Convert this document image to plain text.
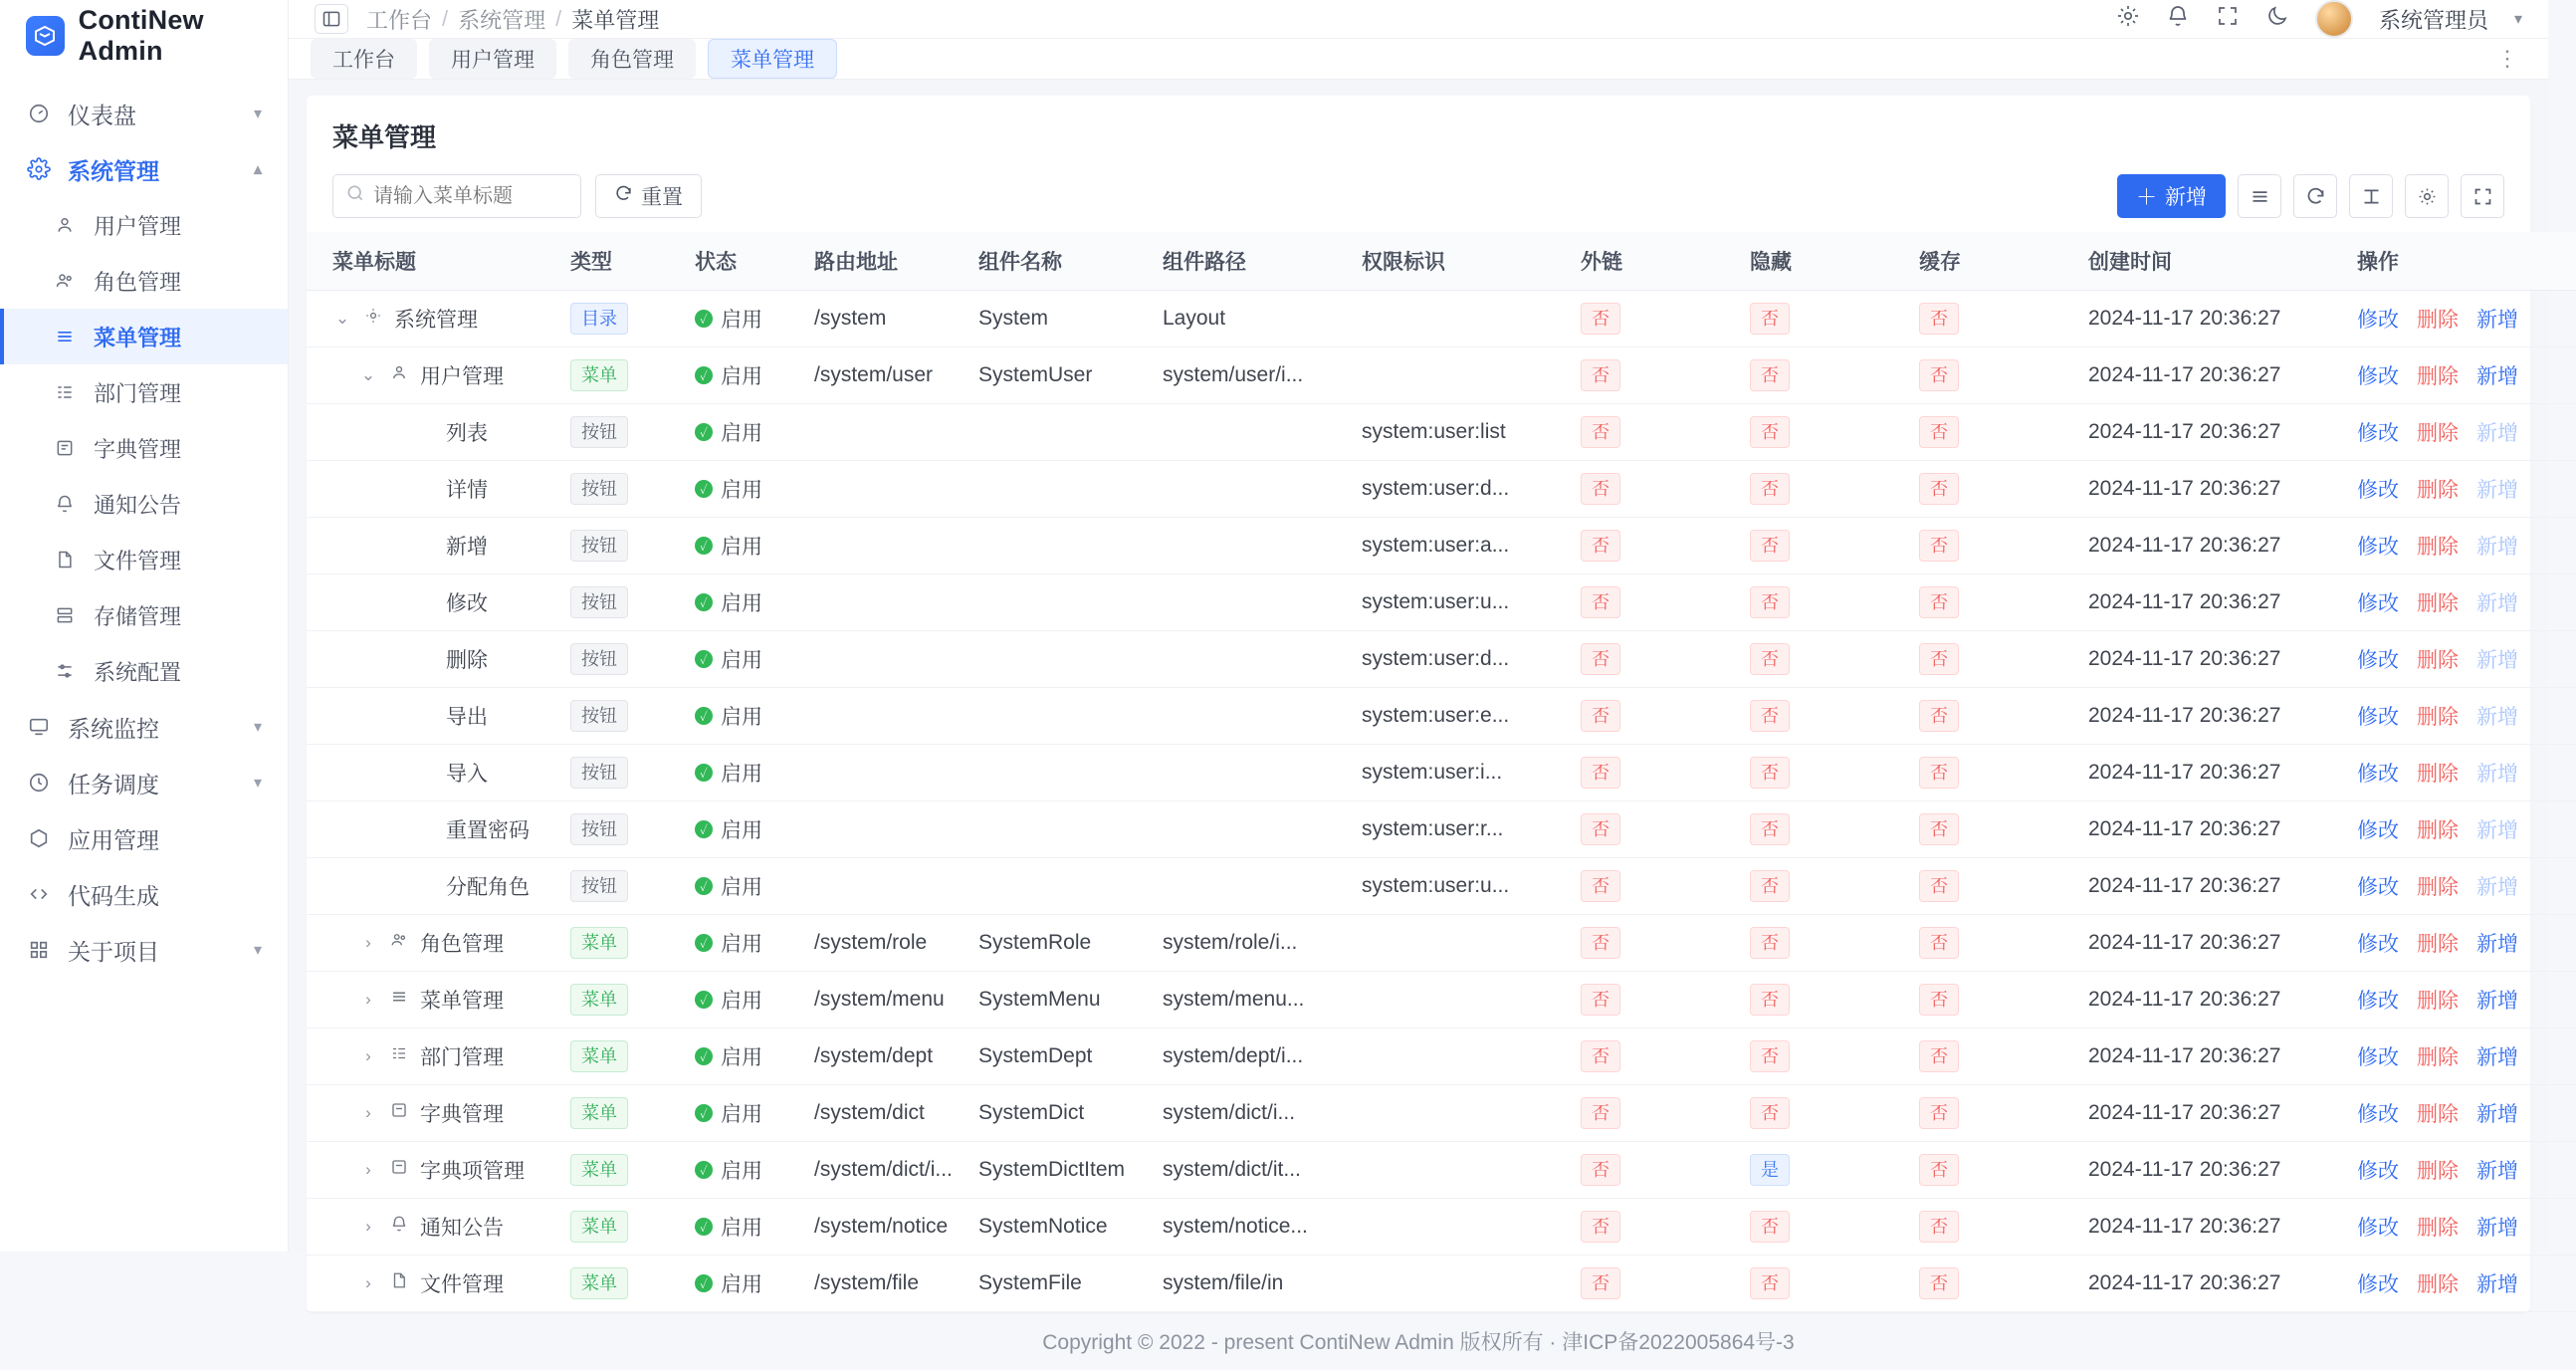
ContiNew Admin
仪表盘	▾
系统管理	▴
用户管理
角色管理
菜单管理
部门管理
字典管理
通知公告
文件管理
存储管理
系统配置
系统监控	▾
任务调度	▾
应用管理
代码生成
关于项目	▾
工作台 / 系统管理 / 菜单管理	系统管理员 ▾
工作台	用户管理	角色管理	菜单管理	⋮
菜单管理
请输入菜单标题
重置	＋ 新增
菜单标题	类型	状态	路由地址	组件名称	组件路径	权限标识	外链	隐藏	缓存	创建时间	操作

⌄ 系统管理	目录	✓ 启用	/system	System	Layout		否	否	否	2024-11-17 20:36:27	修改 删除 新增

⌄ 用户管理	菜单	✓ 启用	/system/user	SystemUser	system/user/i...		否	否	否	2024-11-17 20:36:27	修改 删除 新增

列表	按钮	✓ 启用				system:user:list	否	否	否	2024-11-17 20:36:27	修改 删除 新增

详情	按钮	✓ 启用				system:user:d...	否	否	否	2024-11-17 20:36:27	修改 删除 新增

新增	按钮	✓ 启用				system:user:a...	否	否	否	2024-11-17 20:36:27	修改 删除 新增

修改	按钮	✓ 启用				system:user:u...	否	否	否	2024-11-17 20:36:27	修改 删除 新增

删除	按钮	✓ 启用				system:user:d...	否	否	否	2024-11-17 20:36:27	修改 删除 新增

导出	按钮	✓ 启用				system:user:e...	否	否	否	2024-11-17 20:36:27	修改 删除 新增

导入	按钮	✓ 启用				system:user:i...	否	否	否	2024-11-17 20:36:27	修改 删除 新增

重置密码	按钮	✓ 启用				system:user:r...	否	否	否	2024-11-17 20:36:27	修改 删除 新增

分配角色	按钮	✓ 启用				system:user:u...	否	否	否	2024-11-17 20:36:27	修改 删除 新增

› 角色管理	菜单	✓ 启用	/system/role	SystemRole	system/role/i...		否	否	否	2024-11-17 20:36:27	修改 删除 新增

› 菜单管理	菜单	✓ 启用	/system/menu	SystemMenu	system/menu...		否	否	否	2024-11-17 20:36:27	修改 删除 新增

› 部门管理	菜单	✓ 启用	/system/dept	SystemDept	system/dept/i...		否	否	否	2024-11-17 20:36:27	修改 删除 新增

› 字典管理	菜单	✓ 启用	/system/dict	SystemDict	system/dict/i...		否	否	否	2024-11-17 20:36:27	修改 删除 新增

› 字典项管理	菜单	✓ 启用	/system/dict/i...	SystemDictItem	system/dict/it...		否	是	否	2024-11-17 20:36:27	修改 删除 新增

› 通知公告	菜单	✓ 启用	/system/notice	SystemNotice	system/notice...		否	否	否	2024-11-17 20:36:27	修改 删除 新增

› 文件管理	菜单	✓ 启用	/system/file	SystemFile	system/file/in		否	否	否	2024-11-17 20:36:27	修改 删除 新增
Copyright © 2022 - present ContiNew Admin 版权所有 · 津ICP备2022005864号-3
